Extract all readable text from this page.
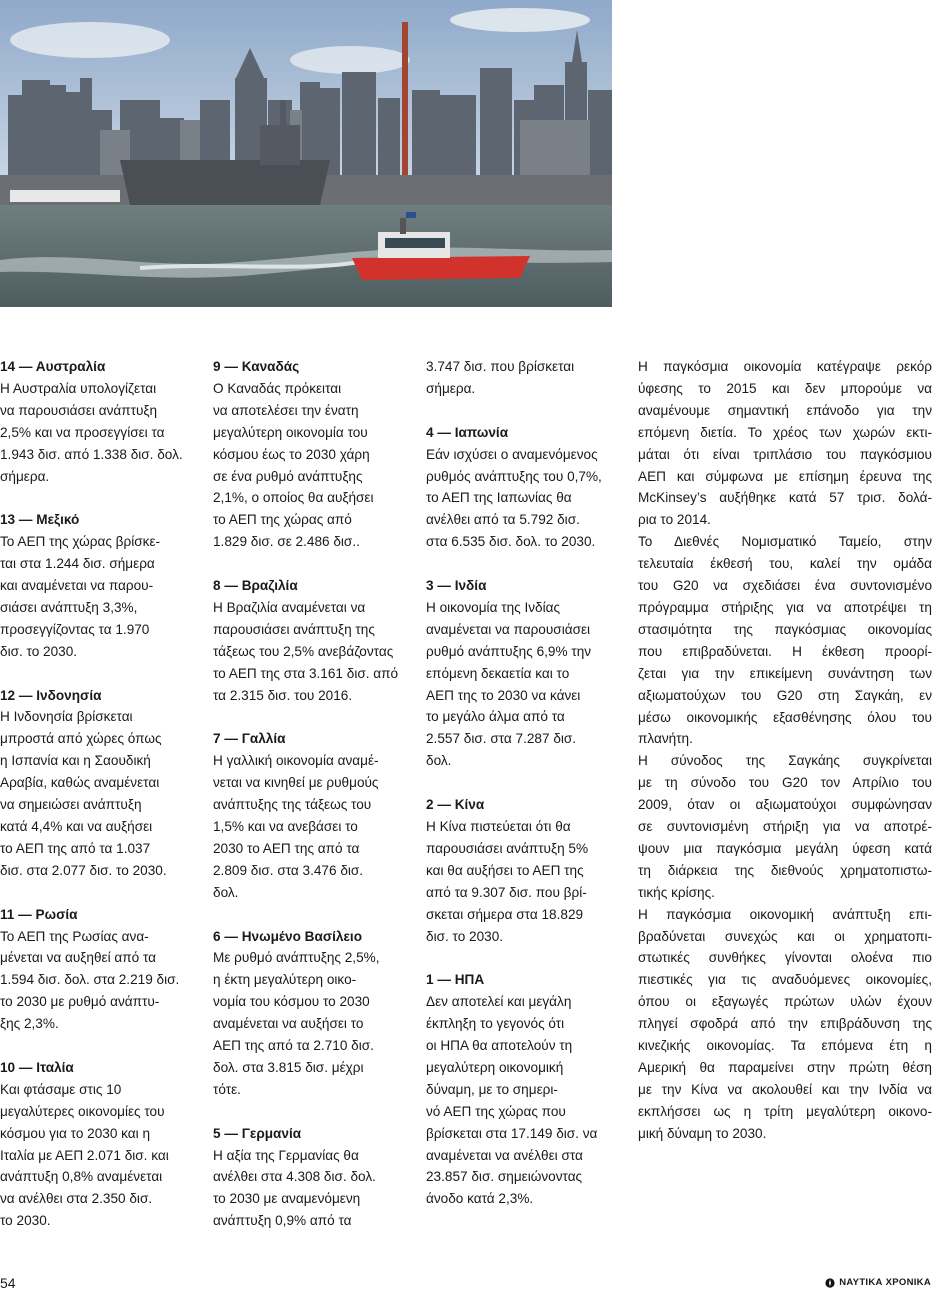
14 — Αυστραλία
Η Αυστραλία υπολογίζεται
να παρουσιάσει ανάπτυξη
2,5% και να προσεγγίσει τα
1.943 δισ. από 1.338 δισ. δολ.
σήμερα.
13 — Μεξικό
Το ΑΕΠ της χώρας βρίσκε-
ται στα 1.244 δισ. σήμερα
και αναμένεται να παρου-
σιάσει ανάπτυξη 3,3%,
προσεγγίζοντας τα 1.970
δισ. το 2030.
12 — Ινδονησία
Η Ινδονησία βρίσκεται
μπροστά από χώρες όπως
η Ισπανία και η Σαουδική
Αραβία, καθώς αναμένεται
να σημειώσει ανάπτυξη
κατά 4,4% και να αυξήσει
το ΑΕΠ της από τα 1.037
δισ. στα 2.077 δισ. το 2030.
11 — Ρωσία
Το ΑΕΠ της Ρωσίας ανα-
μένεται να αυξηθεί από τα
1.594 δισ. δολ. στα 2.219 δισ.
το 2030 με ρυθμό ανάπτυ-
ξης 2,3%.
10 — Ιταλία
Και φτάσαμε στις 10
μεγαλύτερες οικονομίες του
κόσμου για το 2030 και η
Ιταλία με ΑΕΠ 2.071 δισ. και
ανάπτυξη 0,8% αναμένεται
να ανέλθει στα 2.350 δισ.
το 2030.
9 — Καναδάς
Ο Καναδάς πρόκειται
να αποτελέσει την ένατη
μεγαλύτερη οικονομία του
κόσμου έως το 2030 χάρη
σε ένα ρυθμό ανάπτυξης
2,1%, ο οποίος θα αυξήσει
το ΑΕΠ της χώρας από
1.829 δισ. σε 2.486 δισ..
8 — Βραζιλία
Η Βραζιλία αναμένεται να
παρουσιάσει ανάπτυξη της
τάξεως του 2,5% ανεβάζοντας
το ΑΕΠ της στα 3.161 δισ. από
τα 2.315 δισ. του 2016.
7 — Γαλλία
Η γαλλική οικονομία αναμέ-
νεται να κινηθεί με ρυθμούς
ανάπτυξης της τάξεως του
1,5% και να ανεβάσει το
2030 το ΑΕΠ της από τα
2.809 δισ. στα 3.476 δισ.
δολ.
6 — Ηνωμένο Βασίλειο
Με ρυθμό ανάπτυξης 2,5%,
η έκτη μεγαλύτερη οικο-
νομία του κόσμου το 2030
αναμένεται να αυξήσει το
ΑΕΠ της από τα 2.710 δισ.
δολ. στα 3.815 δισ. μέχρι
τότε.
5 — Γερμανία
Η αξία της Γερμανίας θα
ανέλθει στα 4.308 δισ. δολ.
το 2030 με αναμενόμενη
ανάπτυξη 0,9% από τα
3.747 δισ. που βρίσκεται
σήμερα.
4 — Ιαπωνία
Εάν ισχύσει ο αναμενόμενος
ρυθμός ανάπτυξης του 0,7%,
το ΑΕΠ της Ιαπωνίας θα
ανέλθει από τα 5.792 δισ.
στα 6.535 δισ. δολ. το 2030.
3 — Ινδία
Η οικονομία της Ινδίας
αναμένεται να παρουσιάσει
ρυθμό ανάπτυξης 6,9% την
επόμενη δεκαετία και το
ΑΕΠ της το 2030 να κάνει
το μεγάλο άλμα από τα
2.557 δισ. στα 7.287 δισ.
δολ.
2 — Κίνα
Η Κίνα πιστεύεται ότι θα
παρουσιάσει ανάπτυξη 5%
και θα αυξήσει το ΑΕΠ της
από τα 9.307 δισ. που βρί-
σκεται σήμερα στα 18.829
δισ. το 2030.
1 — ΗΠΑ
Δεν αποτελεί και μεγάλη
έκπληξη το γεγονός ότι
οι ΗΠΑ θα αποτελούν τη
μεγαλύτερη οικονομική
δύναμη, με το σημερι-
νό ΑΕΠ της χώρας που
βρίσκεται στα 17.149 δισ. να
αναμένεται να ανέλθει στα
23.857 δισ. σημειώνοντας
άνοδο κατά 2,3%.
Η παγκόσμια οικονομία κατέγραψε ρεκόρ
ύφεσης το 2015 και δεν μπορούμε να
αναμένουμε σημαντική επάνοδο για την
επόμενη διετία. Το χρέος των χωρών εκτι-
μάται ότι είναι τριπλάσιο του παγκόσμιου
ΑΕΠ και σύμφωνα με επίσημη έρευνα της
McKinsey’s αυξήθηκε κατά 57 τρισ. δολά-
ρια το 2014.
Το Διεθνές Νομισματικό Ταμείο, στην
τελευταία έκθεσή του, καλεί την ομάδα
του G20 να σχεδιάσει ένα συντονισμένο
πρόγραμμα στήριξης για να αποτρέψει τη
στασιμότητα της παγκόσμιας οικονομίας
που επιβραδύνεται. Η έκθεση προορί-
ζεται για την επικείμενη συνάντηση των
αξιωματούχων του G20 στη Σαγκάη, εν
μέσω οικονομικής εξασθένησης όλου του
πλανήτη.
Η σύνοδος της Σαγκάης συγκρίνεται
με τη σύνοδο του G20 τον Απρίλιο του
2009, όταν οι αξιωματούχοι συμφώνησαν
σε συντονισμένη στήριξη για να αποτρέ-
ψουν μια παγκόσμια μεγάλη ύφεση κατά
τη διάρκεια της διεθνούς χρηματοπιστω-
τικής κρίσης.
Η παγκόσμια οικονομική ανάπτυξη επι-
βραδύνεται συνεχώς και οι χρηματοπι-
στωτικές συνθήκες γίνονται ολοένα πιο
πιεστικές για τις αναδυόμενες οικονομίες,
όπου οι εξαγωγές πρώτων υλών έχουν
πληγεί σφοδρά από την επιβράδυνση της
κινεζικής οικονομίας. Τα επόμενα έτη η
Αμερική θα παραμείνει στην πρώτη θέση
με την Κίνα να ακολουθεί και την Ινδία να
εκπλήσσει ως η τρίτη μεγαλύτερη οικονο-
μική δύναμη το 2030.
54	ΝΑΥΤΙΚΑ ΧΡΟΝΙΚΑ
